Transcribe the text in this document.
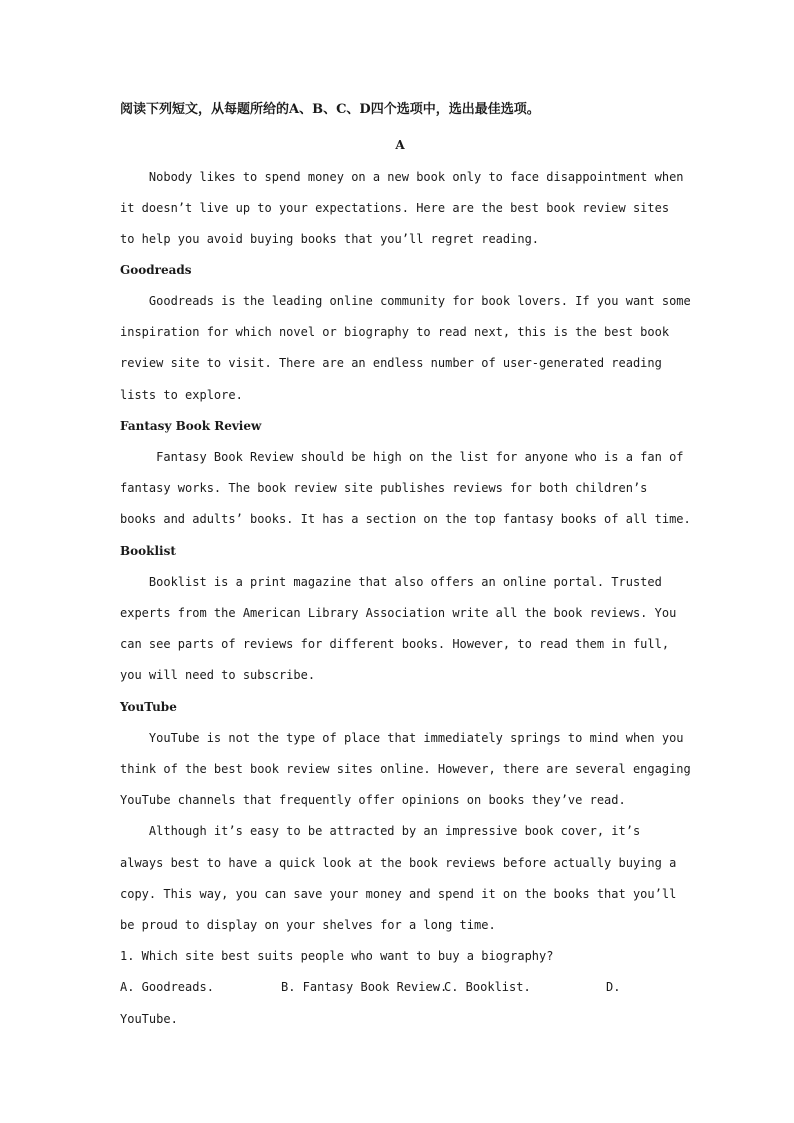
阅读下列短文，从每题所给的A、B、C、D四个选项中，选出最佳选项。
A
Nobody likes to spend money on a new book only to face disappointment when
it doesn’t live up to your expectations. Here are the best book review sites
to help you avoid buying books that you’ll regret reading.
Goodreads
Goodreads is the leading online community for book lovers. If you want some
inspiration for which novel or biography to read next, this is the best book
review site to visit. There are an endless number of user-generated reading
lists to explore.
Fantasy Book Review
Fantasy Book Review should be high on the list for anyone who is a fan of
fantasy works. The book review site publishes reviews for both children’s
books and adults’ books. It has a section on the top fantasy books of all time.
Booklist
Booklist is a print magazine that also offers an online portal. Trusted
experts from the American Library Association write all the book reviews. You
can see parts of reviews for different books. However, to read them in full,
you will need to subscribe.
YouTube
YouTube is not the type of place that immediately springs to mind when you
think of the best book review sites online. However, there are several engaging
YouTube channels that frequently offer opinions on books they’ve read.
Although it’s easy to be attracted by an impressive book cover, it’s
always best to have a quick look at the book reviews before actually buying a
copy. This way, you can save your money and spend it on the books that you’ll
be proud to display on your shelves for a long time.
1. Which site best suits people who want to buy a biography?
A. Goodreads.	B. Fantasy Book Review.
C. Booklist.	D.
YouTube.
